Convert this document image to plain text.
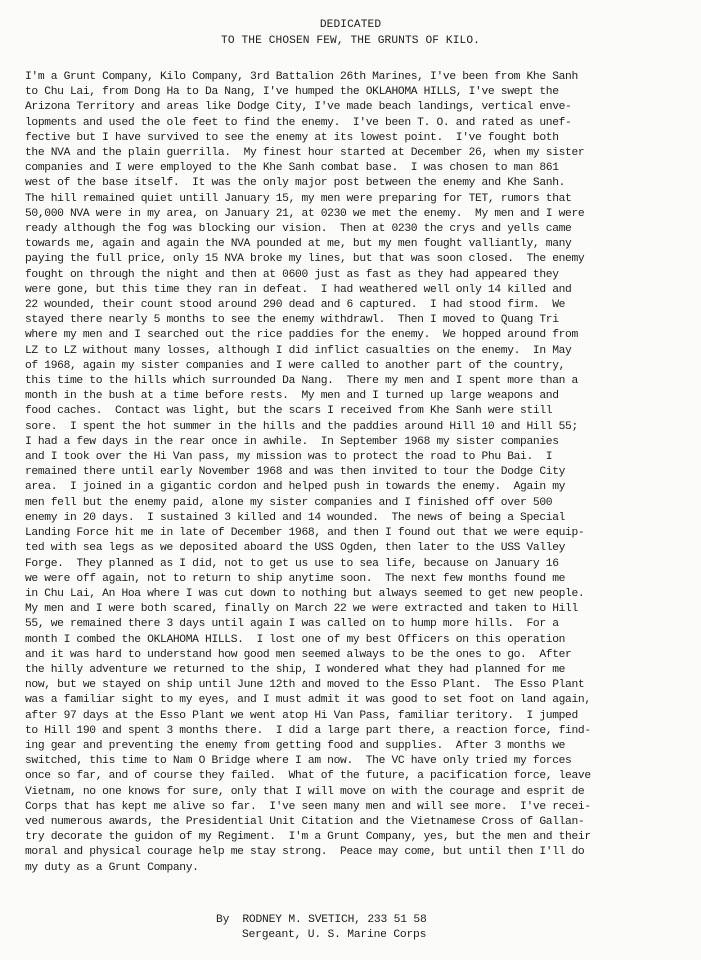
DEDICATED
TO THE CHOSEN FEW, THE GRUNTS OF KILO.
I'm a Grunt Company, Kilo Company, 3rd Battalion 26th Marines, I've been from Khe Sanh
to Chu Lai, from Dong Ha to Da Nang, I've humped the OKLAHOMA HILLS, I've swept the
Arizona Territory and areas like Dodge City, I've made beach landings, vertical enve-
lopments and used the ole feet to find the enemy.  I've been T. O. and rated as unef-
fective but I have survived to see the enemy at its lowest point.  I've fought both
the NVA and the plain guerrilla.  My finest hour started at December 26, when my sister
companies and I were employed to the Khe Sanh combat base.  I was chosen to man 861
west of the base itself.  It was the only major post between the enemy and Khe Sanh.
The hill remained quiet untill January 15, my men were preparing for TET, rumors that
50,000 NVA were in my area, on January 21, at 0230 we met the enemy.  My men and I were
ready although the fog was blocking our vision.  Then at 0230 the crys and yells came
towards me, again and again the NVA pounded at me, but my men fought valliantly, many
paying the full price, only 15 NVA broke my lines, but that was soon closed.  The enemy
fought on through the night and then at 0600 just as fast as they had appeared they
were gone, but this time they ran in defeat.  I had weathered well only 14 killed and
22 wounded, their count stood around 290 dead and 6 captured.  I had stood firm.  We
stayed there nearly 5 months to see the enemy withdrawl.  Then I moved to Quang Tri
where my men and I searched out the rice paddies for the enemy.  We hopped around from
LZ to LZ without many losses, although I did inflict casualties on the enemy.  In May
of 1968, again my sister companies and I were called to another part of the country,
this time to the hills which surrounded Da Nang.  There my men and I spent more than a
month in the bush at a time before rests.  My men and I turned up large weapons and
food caches.  Contact was light, but the scars I received from Khe Sanh were still
sore.  I spent the hot summer in the hills and the paddies around Hill 10 and Hill 55;
I had a few days in the rear once in awhile.  In September 1968 my sister companies
and I took over the Hi Van pass, my mission was to protect the road to Phu Bai.  I
remained there until early November 1968 and was then invited to tour the Dodge City
area.  I joined in a gigantic cordon and helped push in towards the enemy.  Again my
men fell but the enemy paid, alone my sister companies and I finished off over 500
enemy in 20 days.  I sustained 3 killed and 14 wounded.  The news of being a Special
Landing Force hit me in late of December 1968, and then I found out that we were equip-
ted with sea legs as we deposited aboard the USS Ogden, then later to the USS Valley
Forge.  They planned as I did, not to get us use to sea life, because on January 16
we were off again, not to return to ship anytime soon.  The next few months found me
in Chu Lai, An Hoa where I was cut down to nothing but always seemed to get new people.
My men and I were both scared, finally on March 22 we were extracted and taken to Hill
55, we remained there 3 days until again I was called on to hump more hills.  For a
month I combed the OKLAHOMA HILLS.  I lost one of my best Officers on this operation
and it was hard to understand how good men seemed always to be the ones to go.  After
the hilly adventure we returned to the ship, I wondered what they had planned for me
now, but we stayed on ship until June 12th and moved to the Esso Plant.  The Esso Plant
was a familiar sight to my eyes, and I must admit it was good to set foot on land again,
after 97 days at the Esso Plant we went atop Hi Van Pass, familiar teritory.  I jumped
to Hill 190 and spent 3 months there.  I did a large part there, a reaction force, find-
ing gear and preventing the enemy from getting food and supplies.  After 3 months we
switched, this time to Nam O Bridge where I am now.  The VC have only tried my forces
once so far, and of course they failed.  What of the future, a pacification force, leave
Vietnam, no one knows for sure, only that I will move on with the courage and esprit de
Corps that has kept me alive so far.  I've seen many men and will see more.  I've recei-
ved numerous awards, the Presidential Unit Citation and the Vietnamese Cross of Gallan-
try decorate the guidon of my Regiment.  I'm a Grunt Company, yes, but the men and their
moral and physical courage help me stay strong.  Peace may come, but until then I'll do
my duty as a Grunt Company.
By  RODNEY M. SVETICH, 233 51 58
Sergeant, U. S. Marine Corps
